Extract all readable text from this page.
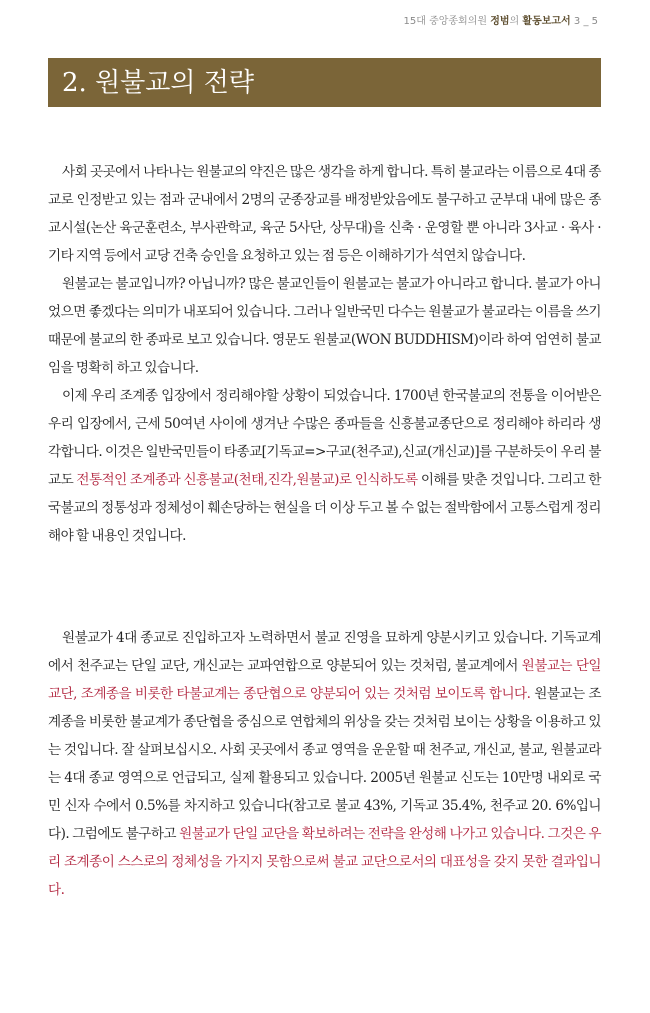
15대 중앙종회의원 정범의 활동보고서 3 _ 5
2. 원불교의 전략

사회 곳곳에서 나타나는 원불교의 약진은 많은 생각을 하게 합니다. 특히 불교라는 이름으로 4대 종교로 인정받고 있는 점과 군내에서 2명의 군종장교를 배정받았음에도 불구하고 군부대 내에 많은 종교시설(논산 육군훈련소, 부사관학교, 육군 5사단, 상무대)을 신축 · 운영할 뿐 아니라 3사교 · 육사 · 기타 지역 등에서 교당 건축 승인을 요청하고 있는 점 등은 이해하기가 석연치 않습니다.

원불교는 불교입니까? 아닙니까? 많은 불교인들이 원불교는 불교가 아니라고 합니다. 불교가 아니었으면 좋겠다는 의미가 내포되어 있습니다. 그러나 일반국민 다수는 원불교가 불교라는 이름을 쓰기 때문에 불교의 한 종파로 보고 있습니다. 영문도 원불교(WON BUDDHISM)이라 하여 엄연히 불교임을 명확히 하고 있습니다.

이제 우리 조계종 입장에서 정리해야할 상황이 되었습니다. 1700년 한국불교의 전통을 이어받은 우리 입장에서, 근세 50여년 사이에 생겨난 수많은 종파들을 신흥불교종단으로 정리해야 하리라 생각합니다. 이것은 일반국민들이 타종교[기독교=>구교(천주교),신교(개신교)]를 구분하듯이 우리 불교도 전통적인 조계종과 신흥불교(천태,진각,원불교)로 인식하도록 이해를 맞춘 것입니다. 그리고 한국불교의 정통성과 정체성이 훼손당하는 현실을 더 이상 두고 볼 수 없는 절박함에서 고통스럽게 정리해야 할 내용인 것입니다.

원불교가 4대 종교로 진입하고자 노력하면서 불교 진영을 묘하게 양분시키고 있습니다. 기독교계에서 천주교는 단일 교단, 개신교는 교파연합으로 양분되어 있는 것처럼, 불교계에서 원불교는 단일 교단, 조계종을 비롯한 타불교계는 종단협으로 양분되어 있는 것처럼 보이도록 합니다. 원불교는 조계종을 비롯한 불교계가 종단협을 중심으로 연합체의 위상을 갖는 것처럼 보이는 상황을 이용하고 있는 것입니다. 잘 살펴보십시오. 사회 곳곳에서 종교 영역을 운운할 때 천주교, 개신교, 불교, 원불교라는 4대 종교 영역으로 언급되고, 실제 활용되고 있습니다. 2005년 원불교 신도는 10만명 내외로 국민 신자 수에서 0.5%를 차지하고 있습니다(참고로 불교 43%, 기독교 35.4%, 천주교 20. 6%입니다). 그럼에도 불구하고 원불교가 단일 교단을 확보하려는 전략을 완성해 나가고 있습니다. 그것은 우리 조계종이 스스로의 정체성을 가지지 못함으로써 불교 교단으로서의 대표성을 갖지 못한 결과입니다.
